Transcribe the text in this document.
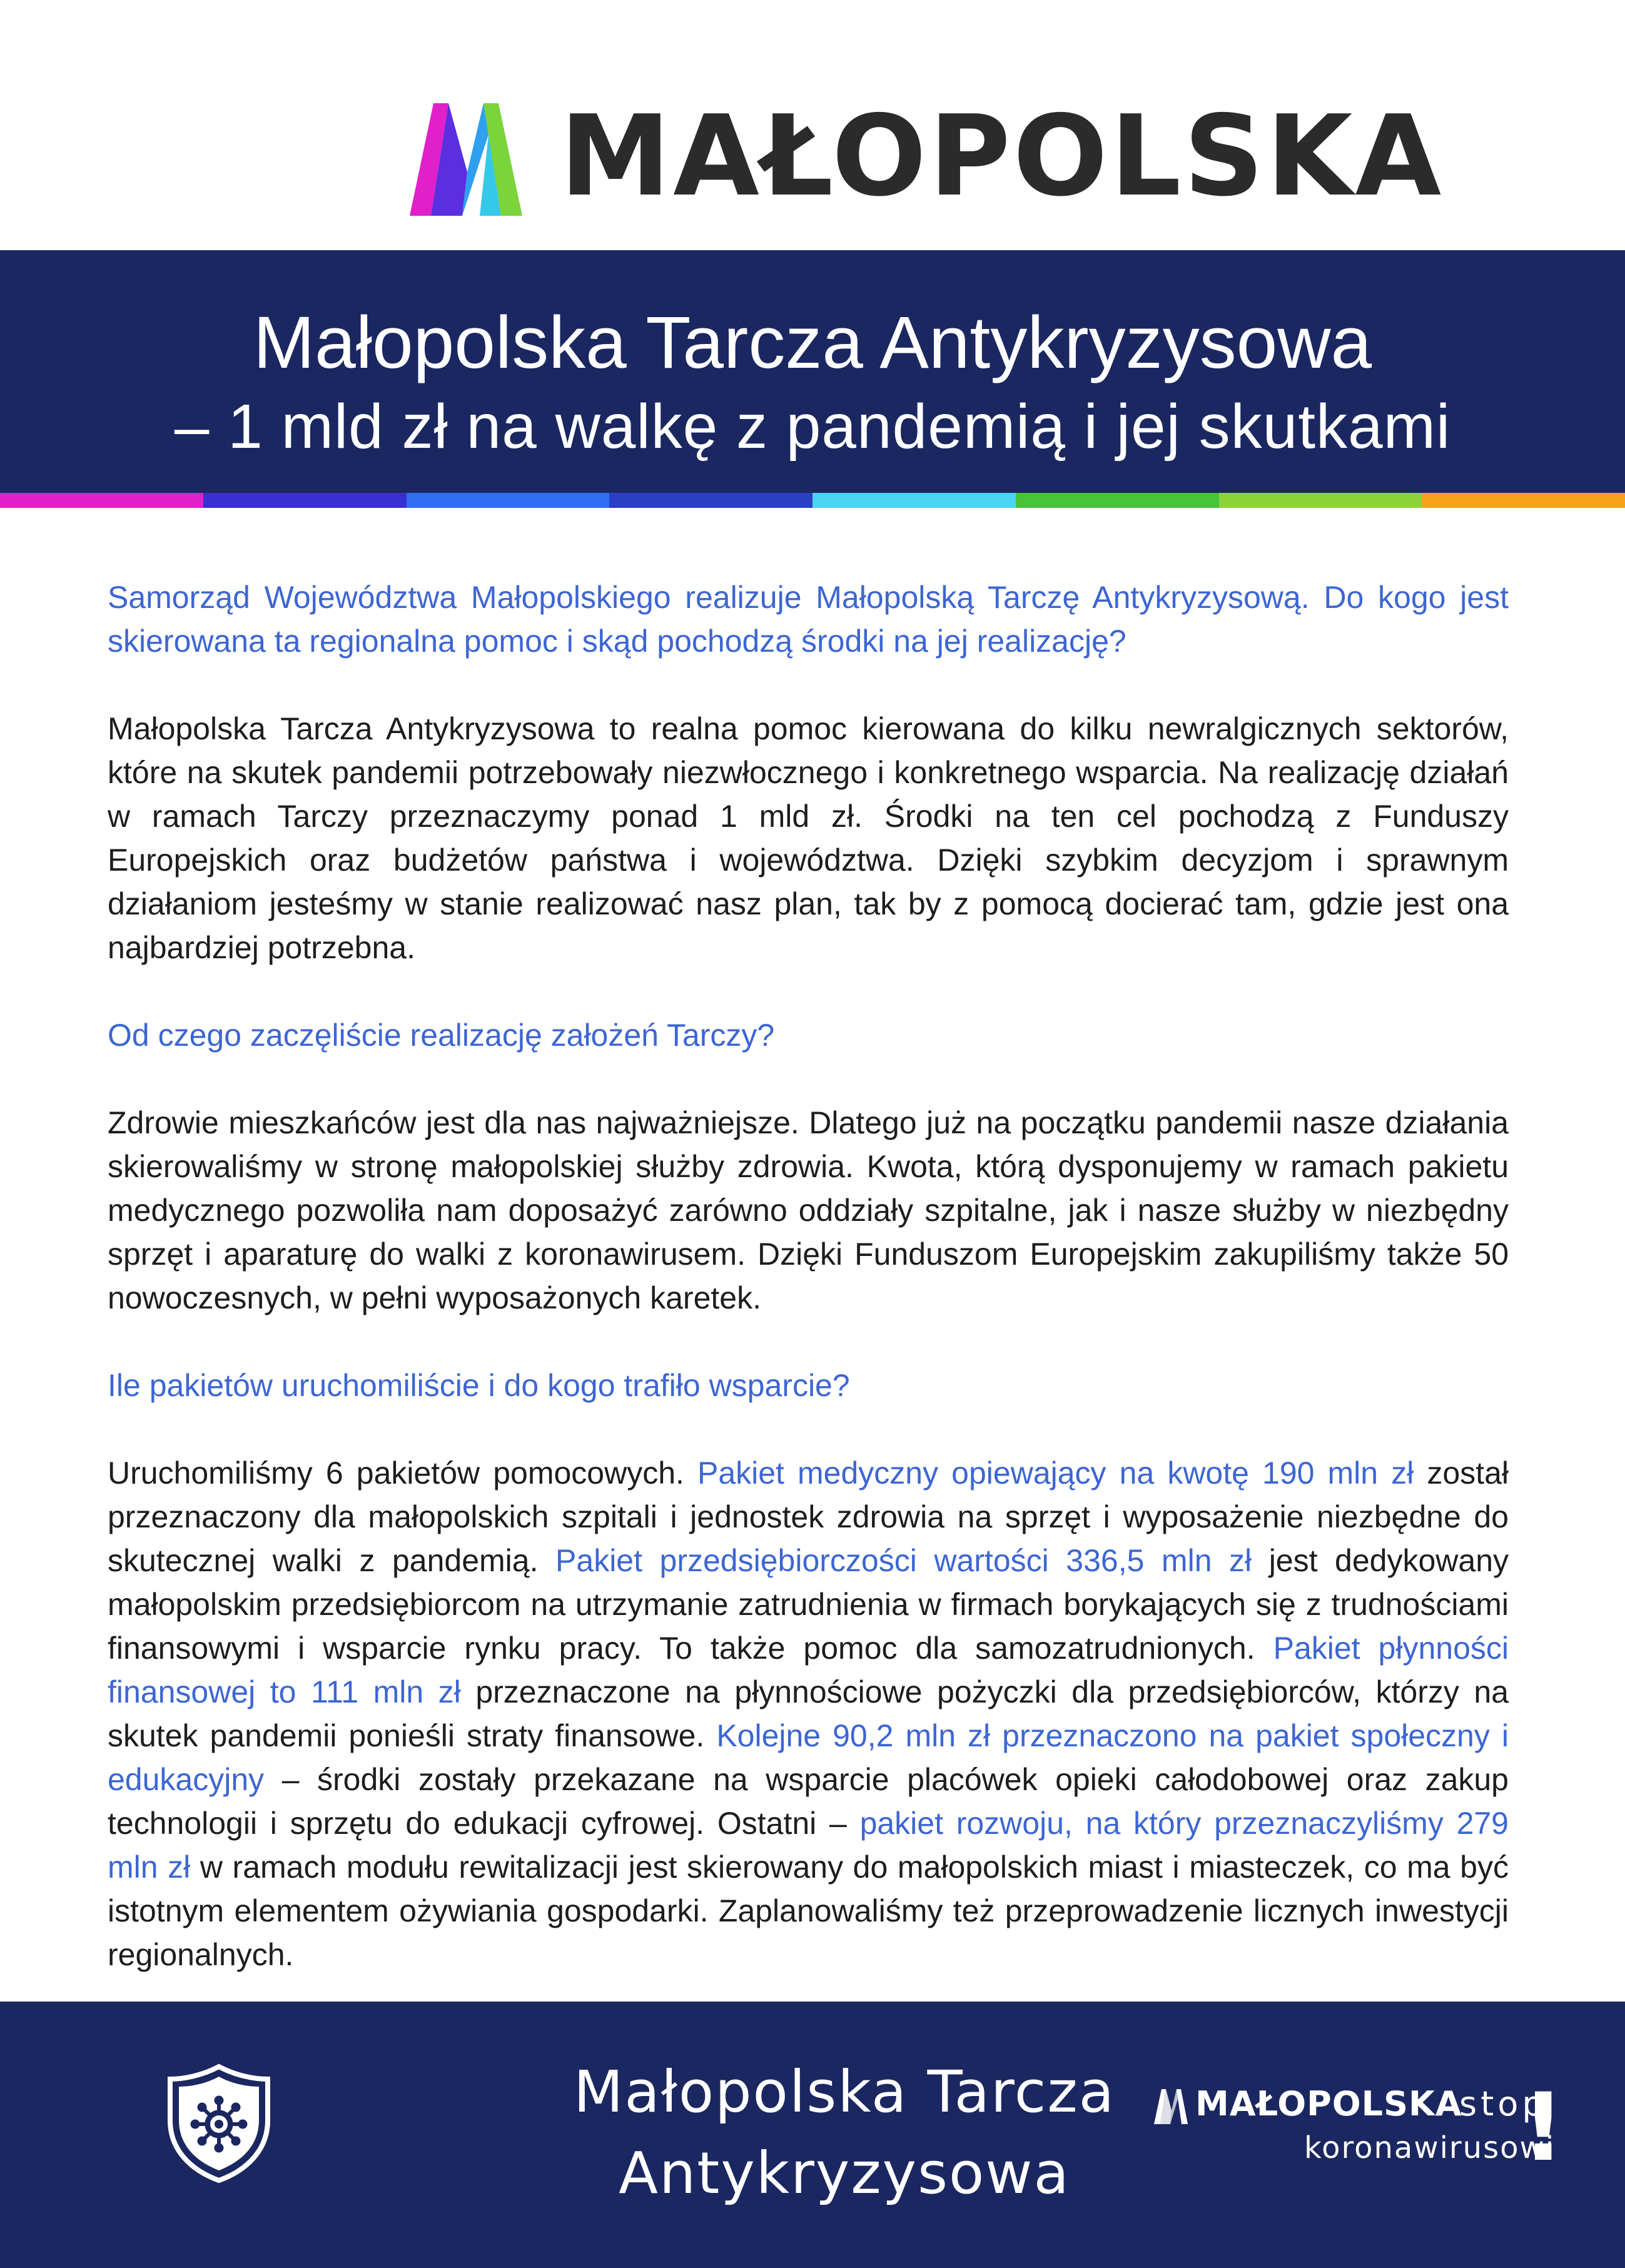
MAŁOPOLSKA
Małopolska Tarcza Antykryzysowa
– 1 mld zł na walkę z pandemią i jej skutkami

Samorząd Województwa Małopolskiego realizuje Małopolską Tarczę Antykryzysową. Do kogo jest skierowana ta regionalna pomoc i skąd pochodzą środki na jej realizację?

Małopolska Tarcza Antykryzysowa to realna pomoc kierowana do kilku newralgicznych sektorów, które na skutek pandemii potrzebowały niezwłocznego i konkretnego wsparcia. Na realizację działań w ramach Tarczy przeznaczymy ponad 1 mld zł. Środki na ten cel pochodzą z Funduszy Europejskich oraz budżetów państwa i województwa. Dzięki szybkim decyzjom i sprawnym działaniom jesteśmy w stanie realizować nasz plan, tak by z pomocą docierać tam, gdzie jest ona najbardziej potrzebna.

Od czego zaczęliście realizację założeń Tarczy?

Zdrowie mieszkańców jest dla nas najważniejsze. Dlatego już na początku pandemii nasze działania skierowaliśmy w stronę małopolskiej służby zdrowia. Kwota, którą dysponujemy w ramach pakietu medycznego pozwoliła nam doposażyć zarówno oddziały szpitalne, jak i nasze służby w niezbędny sprzęt i aparaturę do walki z koronawirusem. Dzięki Funduszom Europejskim zakupiliśmy także 50 nowoczesnych, w pełni wyposażonych karetek.

Ile pakietów uruchomiliście i do kogo trafiło wsparcie?

Uruchomiliśmy 6 pakietów pomocowych. Pakiet medyczny opiewający na kwotę 190 mln zł został przeznaczony dla małopolskich szpitali i jednostek zdrowia na sprzęt i wyposażenie niezbędne do skutecznej walki z pandemią. Pakiet przedsiębiorczości wartości 336,5 mln zł jest dedykowany małopolskim przedsiębiorcom na utrzymanie zatrudnienia w firmach borykających się z trudnościami finansowymi i wsparcie rynku pracy. To także pomoc dla samozatrudnionych. Pakiet płynności finansowej to 111 mln zł przeznaczone na płynnościowe pożyczki dla przedsiębiorców, którzy na skutek pandemii ponieśli straty finansowe. Kolejne 90,2 mln zł przeznaczono na pakiet społeczny i edukacyjny – środki zostały przekazane na wsparcie placówek opieki całodobowej oraz zakup technologii i sprzętu do edukacji cyfrowej. Ostatni – pakiet rozwoju, na który przeznaczyliśmy 279 mln zł w ramach modułu rewitalizacji jest skierowany do małopolskich miast i miasteczek, co ma być istotnym elementem ożywiania gospodarki. Zaplanowaliśmy też przeprowadzenie licznych inwestycji regionalnych.

Małopolska Tarcza
Antykryzysowa
MAŁOPOLSKA
stop
koronawirusowi
!
